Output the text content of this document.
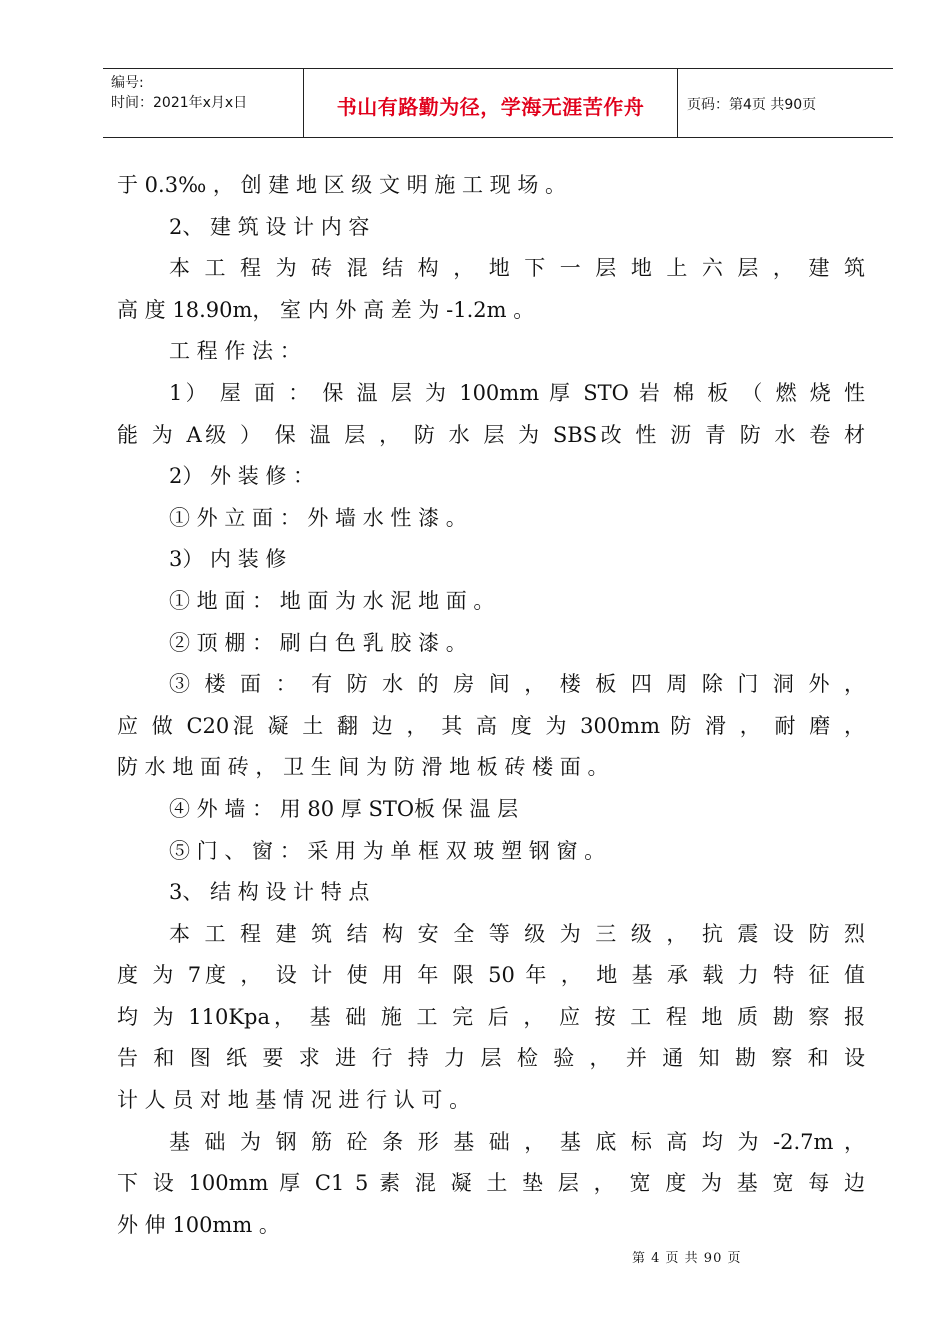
编号:
时间：2021年x月x日	书山有路勤为径，学海无涯苦作舟	页码：第4页 共90页
于 0.3‰ ， 创 建 地 区 级 文 明 施 工 现 场 。
2、 建 筑 设 计 内 容
本 工 程 为 砖 混 结 构 ， 地 下 一 层 地 上 六 层 ， 建 筑
高 度 18.90m， 室 内 外 高 差 为 -1.2m 。
工 程 作 法 ：
1） 屋 面 ： 保 温 层 为 100mm 厚 STO 岩 棉 板 （ 燃 烧 性
能 为 A级 ） 保 温 层 ， 防 水 层 为 SBS改 性 沥 青 防 水 卷 材
2） 外 装 修 ：
① 外 立 面 ： 外 墙 水 性 漆 。
3） 内 装 修
① 地 面 ： 地 面 为 水 泥 地 面 。
② 顶 棚 ： 刷 白 色 乳 胶 漆 。
③ 楼 面 ： 有 防 水 的 房 间 ， 楼 板 四 周 除 门 洞 外 ，
应 做 C20混 凝 土 翻 边 ， 其 高 度 为 300mm 防 滑 ， 耐 磨 ，
防 水 地 面 砖 ， 卫 生 间 为 防 滑 地 板 砖 楼 面 。
④ 外 墙 ： 用 80 厚 STO板 保 温 层
⑤ 门 、 窗 ： 采 用 为 单 框 双 玻 塑 钢 窗 。
3、 结 构 设 计 特 点
本 工 程 建 筑 结 构 安 全 等 级 为 三 级 ， 抗 震 设 防 烈
度 为 7度 ， 设 计 使 用 年 限 50 年 ， 地 基 承 载 力 特 征 值
均 为 110Kpa， 基 础 施 工 完 后 ， 应 按 工 程 地 质 勘 察 报
告 和 图 纸 要 求 进 行 持 力 层 检 验 ， 并 通 知 勘 察 和 设
计 人 员 对 地 基 情 况 进 行 认 可 。
基 础 为 钢 筋 砼 条 形 基 础 ， 基 底 标 高 均 为 -2.7m ，
下 设 100mm 厚 C1 5 素 混 凝 土 垫 层 ， 宽 度 为 基 宽 每 边
外 伸 100mm 。
第 4 页 共 90 页
